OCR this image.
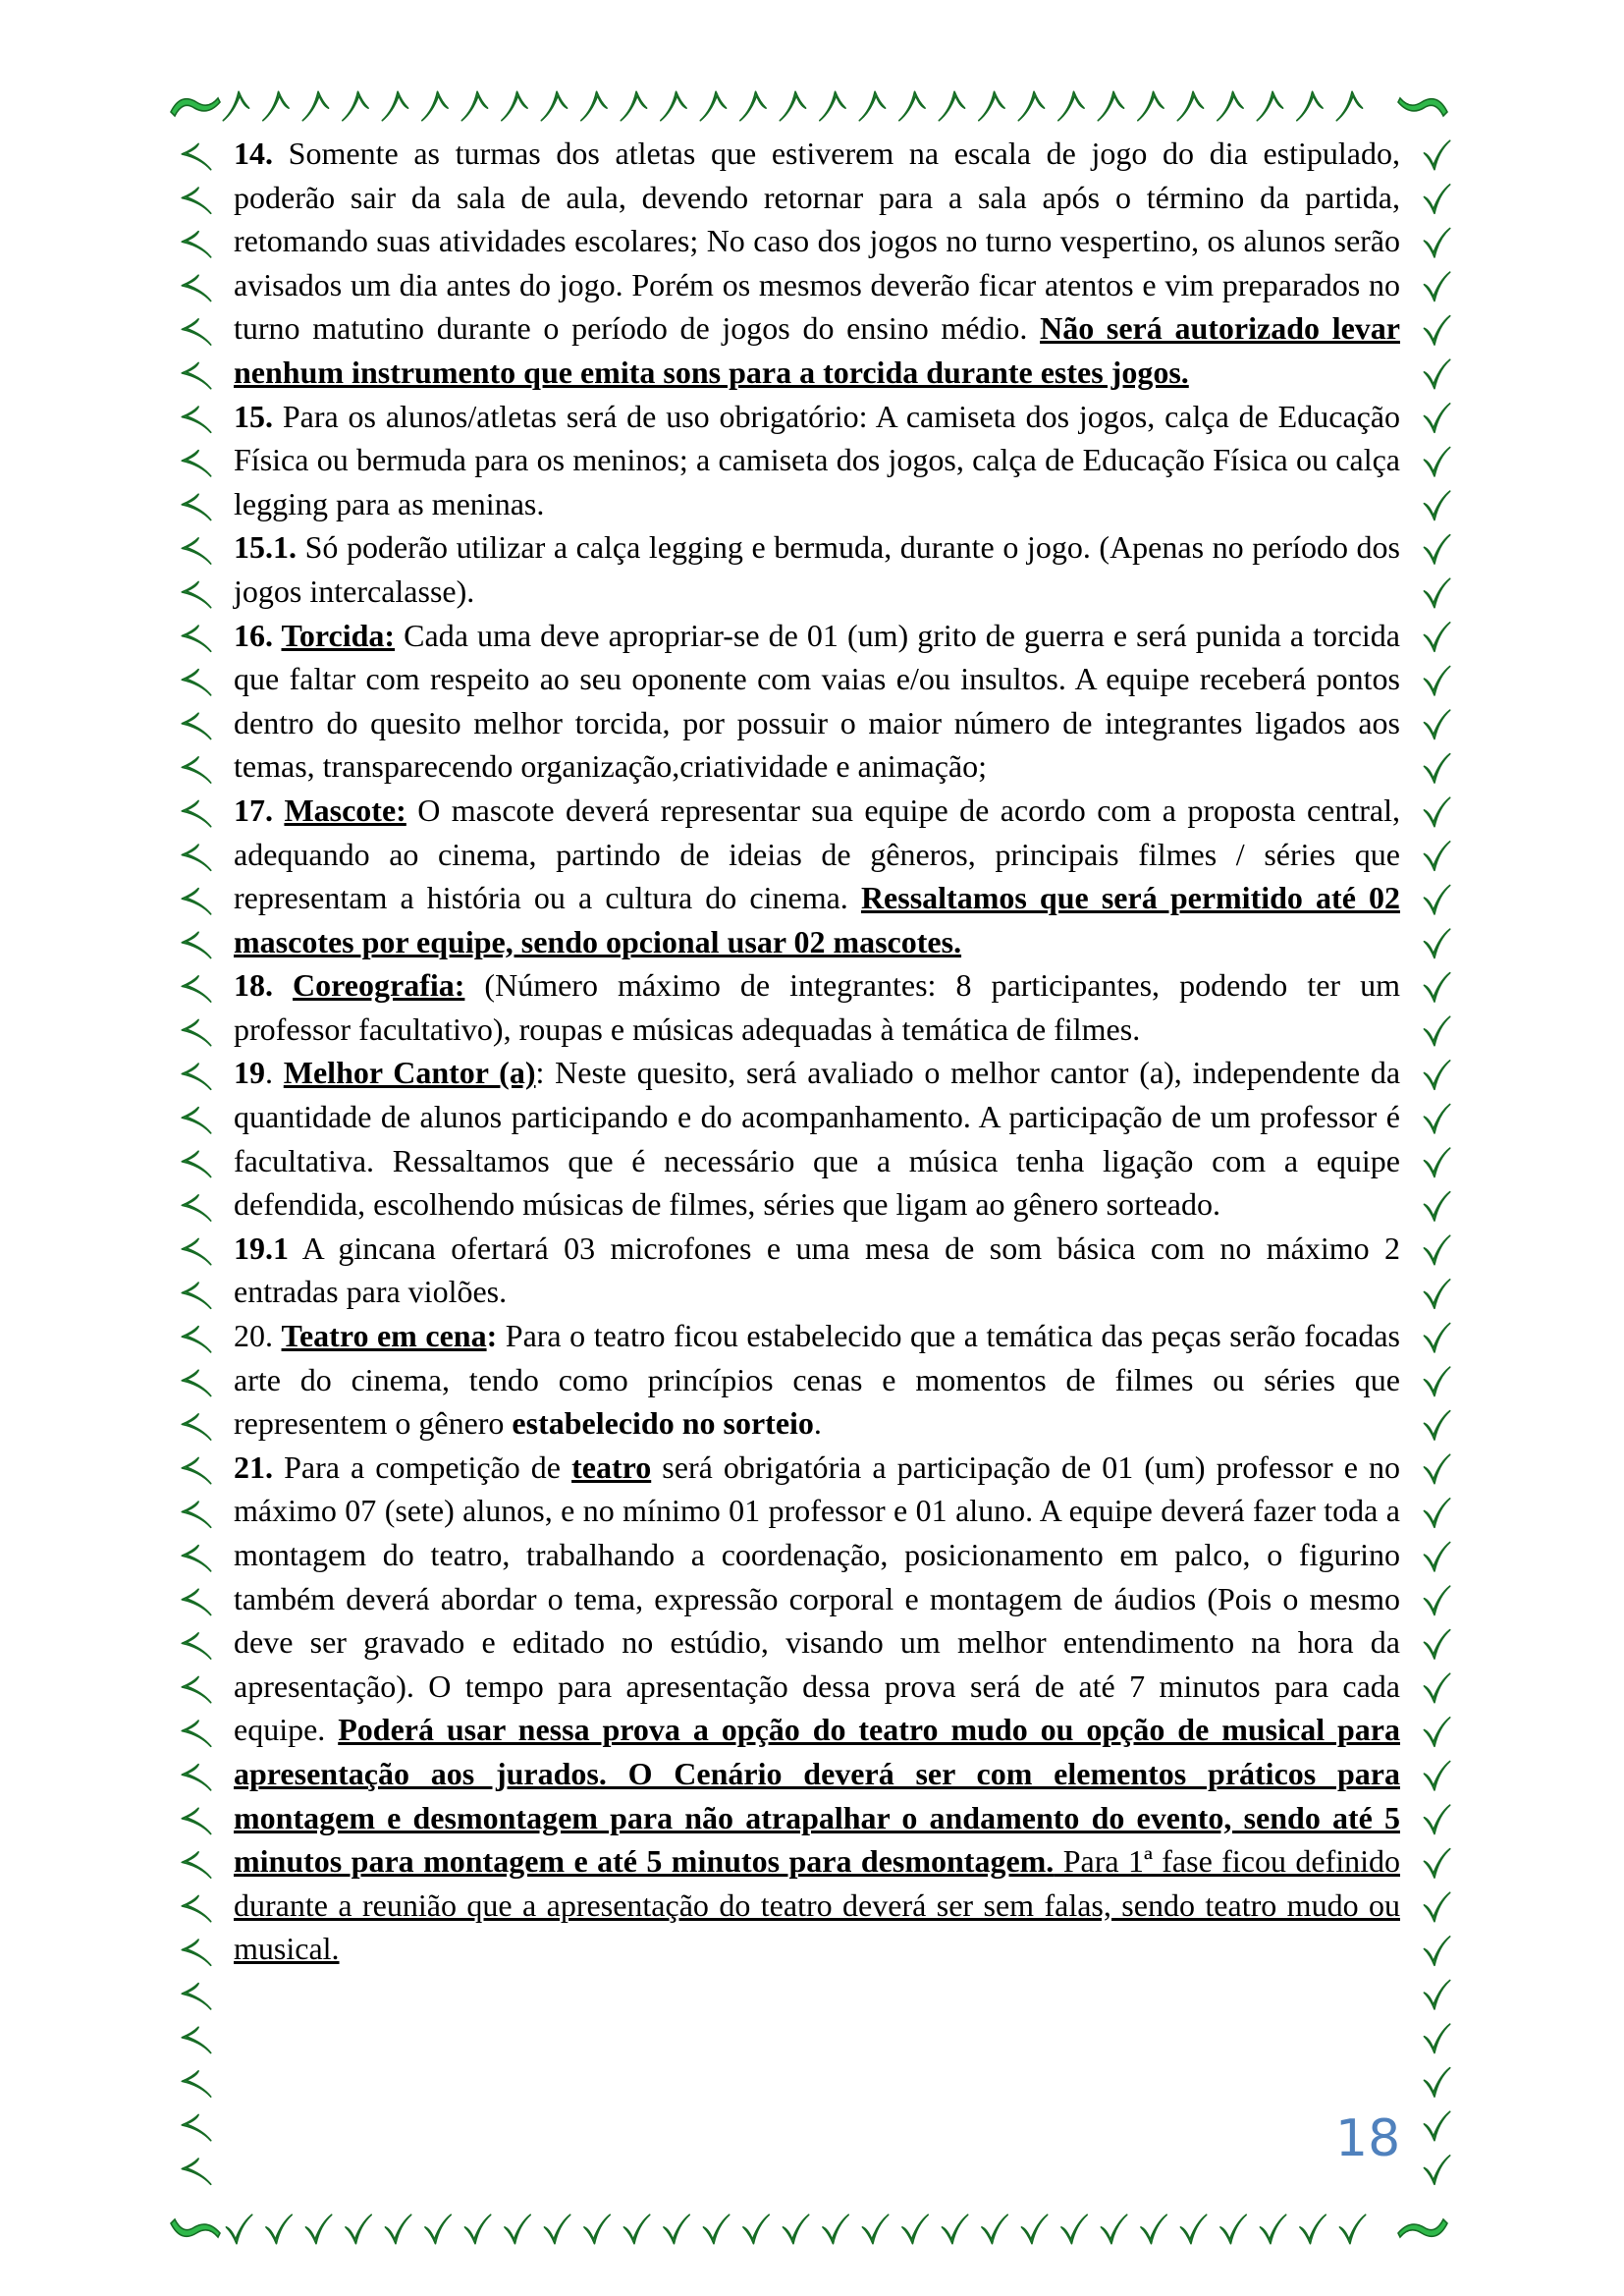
14. Somente as turmas dos atletas que estiverem na escala de jogo do dia estipulado, poderão sair da sala de aula, devendo retornar para a sala após o término da partida, retomando suas atividades escolares; No caso dos jogos no turno vespertino, os alunos serão avisados um dia antes do jogo. Porém os mesmos deverão ficar atentos e vim preparados no turno matutino durante o período de jogos do ensino médio. Não será autorizado levar nenhum instrumento que emita sons para a torcida durante estes jogos.

15. Para os alunos/atletas será de uso obrigatório: A camiseta dos jogos, calça de Educação Física ou bermuda para os meninos; a camiseta dos jogos, calça de Educação Física ou calça legging para as meninas.

15.1. Só poderão utilizar a calça legging e bermuda, durante o jogo. (Apenas no período dos jogos intercalasse).

16. Torcida: Cada uma deve apropriar-se de 01 (um) grito de guerra e será punida a torcida que faltar com respeito ao seu oponente com vaias e/ou insultos. A equipe receberá pontos dentro do quesito melhor torcida, por possuir o maior número de integrantes ligados aos temas, transparecendo organização,criatividade e animação;

17. Mascote: O mascote deverá representar sua equipe de acordo com a proposta central, adequando ao cinema, partindo de ideias de gêneros, principais filmes / séries que representam a história ou a cultura do cinema. Ressaltamos que será permitido até 02 mascotes por equipe, sendo opcional usar 02 mascotes.

18. Coreografia: (Número máximo de integrantes: 8 participantes, podendo ter um professor facultativo), roupas e músicas adequadas à temática de filmes.

19. Melhor Cantor (a): Neste quesito, será avaliado o melhor cantor (a), independente da quantidade de alunos participando e do acompanhamento. A participação de um professor é facultativa. Ressaltamos que é necessário que a música tenha ligação com a equipe defendida, escolhendo músicas de filmes, séries que ligam ao gênero sorteado.

19.1 A gincana ofertará 03 microfones e uma mesa de som básica com no máximo 2 entradas para violões.

20. Teatro em cena: Para o teatro ficou estabelecido que a temática das peças serão focadas arte do cinema, tendo como princípios cenas e momentos de filmes ou séries que representem o gênero estabelecido no sorteio.

21. Para a competição de teatro será obrigatória a participação de 01 (um) professor e no máximo 07 (sete) alunos, e no mínimo 01 professor e 01 aluno. A equipe deverá fazer toda a montagem do teatro, trabalhando a coordenação, posicionamento em palco, o figurino também deverá abordar o tema, expressão corporal e montagem de áudios (Pois o mesmo deve ser gravado e editado no estúdio, visando um melhor entendimento na hora da apresentação). O tempo para apresentação dessa prova será de até 7 minutos para cada equipe. Poderá usar nessa prova a opção do teatro mudo ou opção de musical para apresentação aos jurados. O Cenário deverá ser com elementos práticos para montagem e desmontagem para não atrapalhar o andamento do evento, sendo até 5 minutos para montagem e até 5 minutos para desmontagem. Para 1ª fase ficou definido durante a reunião que a apresentação do teatro deverá ser sem falas, sendo teatro mudo ou musical.

18
